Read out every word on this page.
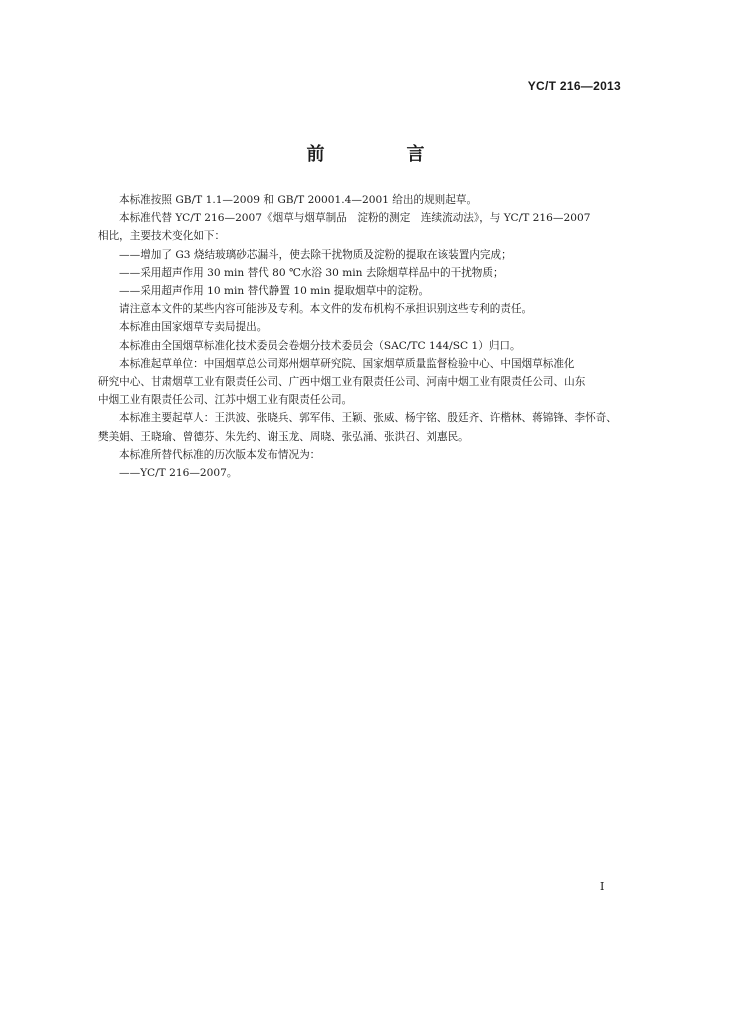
YC/T 216—2013
前　言

本标准按照 GB/T 1.1—2009 和 GB/T 20001.4—2001 给出的规则起草。

本标准代替 YC/T 216—2007《烟草与烟草制品　淀粉的测定　连续流动法》，与 YC/T 216—2007

相比，主要技术变化如下：

——增加了 G3 烧结玻璃砂芯漏斗，使去除干扰物质及淀粉的提取在该装置内完成；

——采用超声作用 30 min 替代 80 ℃水浴 30 min 去除烟草样品中的干扰物质；

——采用超声作用 10 min 替代静置 10 min 提取烟草中的淀粉。

请注意本文件的某些内容可能涉及专利。本文件的发布机构不承担识别这些专利的责任。

本标准由国家烟草专卖局提出。

本标准由全国烟草标准化技术委员会卷烟分技术委员会（SAC/TC 144/SC 1）归口。

本标准起草单位：中国烟草总公司郑州烟草研究院、国家烟草质量监督检验中心、中国烟草标准化

研究中心、甘肃烟草工业有限责任公司、广西中烟工业有限责任公司、河南中烟工业有限责任公司、山东

中烟工业有限责任公司、江苏中烟工业有限责任公司。

本标准主要起草人：王洪波、张晓兵、郭军伟、王颖、张威、杨宇铭、殷廷齐、许楷林、蒋锦锋、李怀奇、

樊美娟、王晓瑜、曾德芬、朱先约、谢玉龙、周晓、张弘涌、张洪召、刘惠民。

本标准所替代标准的历次版本发布情况为：

——YC/T 216—2007。

I
